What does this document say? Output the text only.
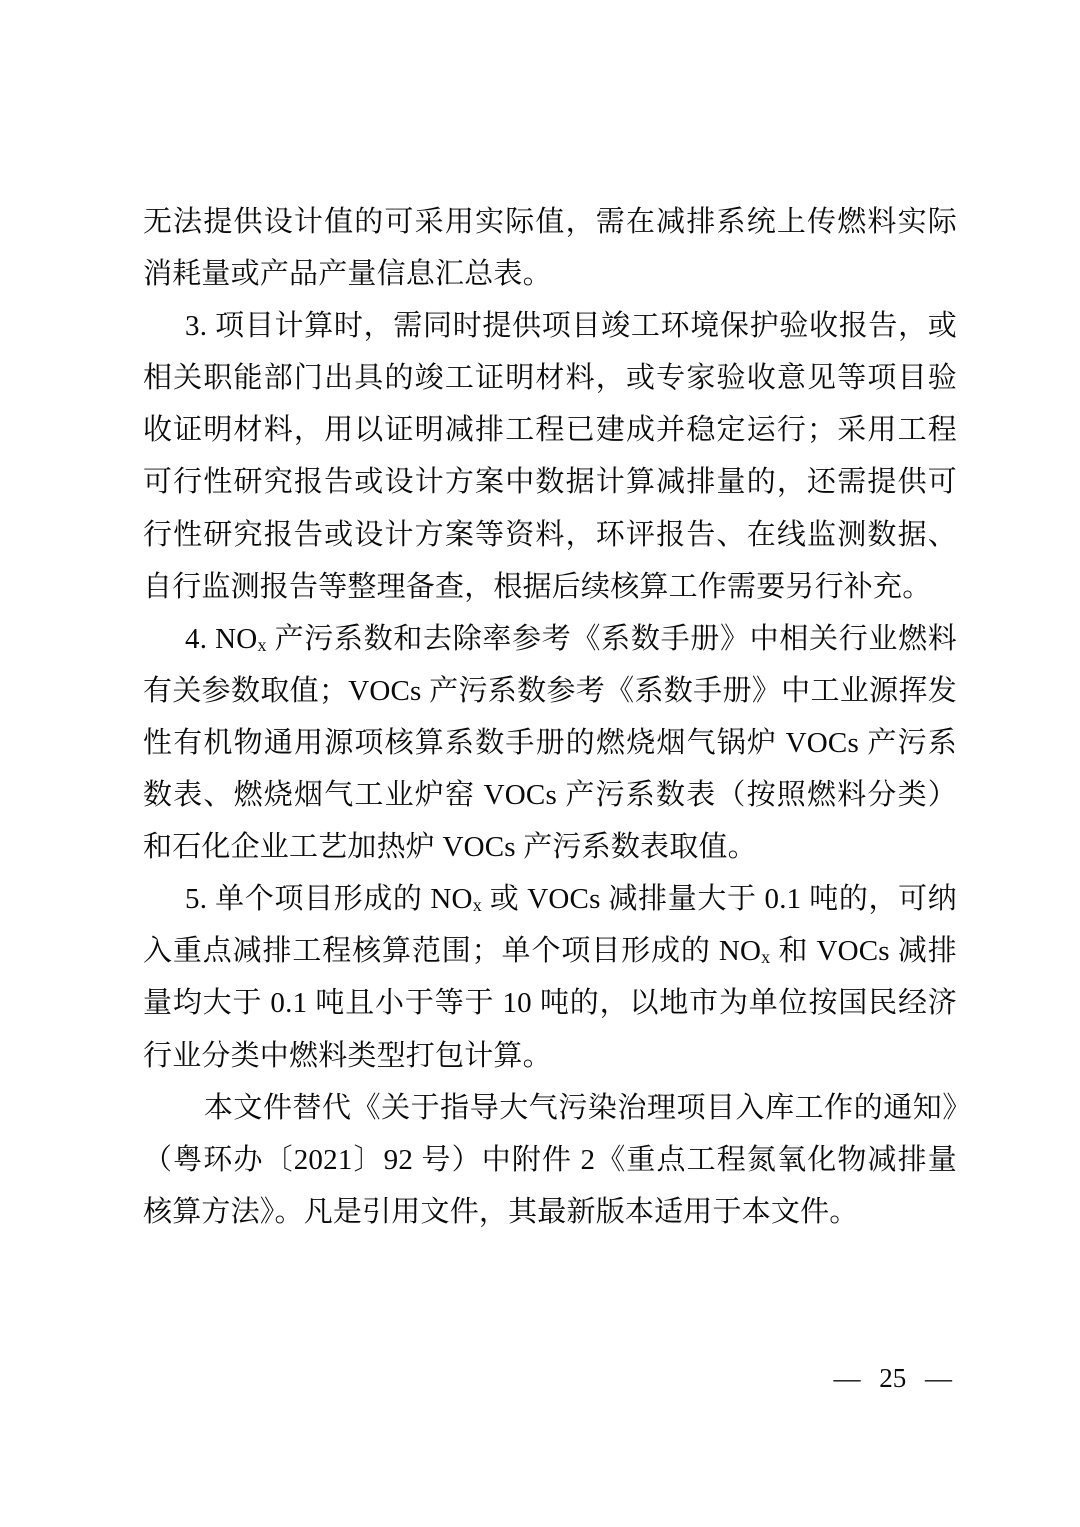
无法提供设计值的可采用实际值，需在减排系统上传燃料实际消耗量或产品产量信息汇总表。

3. 项目计算时，需同时提供项目竣工环境保护验收报告，或相关职能部门出具的竣工证明材料，或专家验收意见等项目验收证明材料，用以证明减排工程已建成并稳定运行；采用工程可行性研究报告或设计方案中数据计算减排量的，还需提供可行性研究报告或设计方案等资料，环评报告、在线监测数据、自行监测报告等整理备查，根据后续核算工作需要另行补充。

4. $NO_x$ 产污系数和去除率参考《系数手册》中相关行业燃料有关参数取值；VOCs 产污系数参考《系数手册》中工业源挥发性有机物通用源项核算系数手册的燃烧烟气锅炉 VOCs 产污系数表、燃烧烟气工业炉窑 VOCs 产污系数表（按照燃料分类）和石化企业工艺加热炉 VOCs 产污系数表取值。

5. 单个项目形成的 $NO_x$ 或 VOCs 减排量大于 0.1 吨的，可纳入重点减排工程核算范围；单个项目形成的 $NO_x$ 和 VOCs 减排量均大于 0.1 吨且小于等于 10 吨的，以地市为单位按国民经济行业分类中燃料类型打包计算。

本文件替代《关于指导大气污染治理项目入库工作的通知》（粤环办〔2021〕92 号）中附件 2《重点工程氮氧化物减排量核算方法》。凡是引用文件，其最新版本适用于本文件。

— 25 —
